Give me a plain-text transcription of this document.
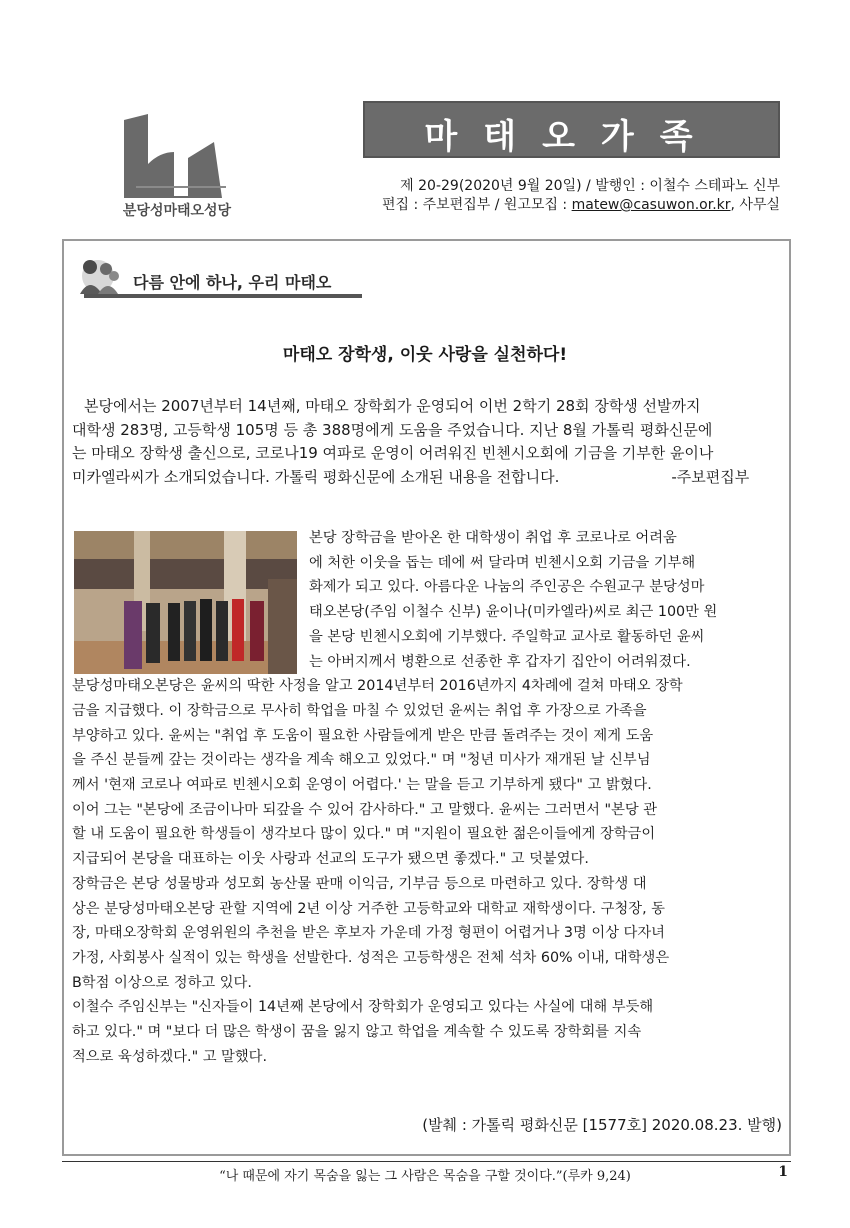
분당성마태오성당
마태오가족
제 20-29(2020년 9월 20일) / 발행인 : 이철수 스테파노 신부
편집 : 주보편집부 / 원고모집 : matew@casuwon.or.kr, 사무실
다름 안에 하나, 우리 마태오
마태오 장학생, 이웃 사랑을 실천하다!

본당에서는 2007년부터 14년째, 마태오 장학회가 운영되어 이번 2학기 28회 장학생 선발까지

대학생 283명, 고등학생 105명 등 총 388명에게 도움을 주었습니다. 지난 8월 가톨릭 평화신문에

는 마태오 장학생 출신으로, 코로나19 여파로 운영이 어려워진 빈첸시오회에 기금을 기부한 윤이나

미카엘라씨가 소개되었습니다. 가톨릭 평화신문에 소개된 내용을 전합니다.	-주보편집부

본당 장학금을 받아온 한 대학생이 취업 후 코로나로 어려움

에 처한 이웃을 돕는 데에 써 달라며 빈첸시오회 기금을 기부해

화제가 되고 있다. 아름다운 나눔의 주인공은 수원교구 분당성마

태오본당(주임 이철수 신부) 윤이나(미카엘라)씨로 최근 100만 원

을 본당 빈첸시오회에 기부했다. 주일학교 교사로 활동하던 윤씨

는 아버지께서 병환으로 선종한 후 갑자기 집안이 어려워졌다.

분당성마태오본당은 윤씨의 딱한 사정을 알고 2014년부터 2016년까지 4차례에 걸쳐 마태오 장학

금을 지급했다. 이 장학금으로 무사히 학업을 마칠 수 있었던 윤씨는 취업 후 가장으로 가족을

부양하고 있다. 윤씨는 "취업 후 도움이 필요한 사람들에게 받은 만큼 돌려주는 것이 제게 도움

을 주신 분들께 갚는 것이라는 생각을 계속 해오고 있었다." 며 "청년 미사가 재개된 날 신부님

께서 '현재 코로나 여파로 빈첸시오회 운영이 어렵다.' 는 말을 듣고 기부하게 됐다" 고 밝혔다.

이어 그는 "본당에 조금이나마 되갚을 수 있어 감사하다." 고 말했다. 윤씨는 그러면서 "본당 관

할 내 도움이 필요한 학생들이 생각보다 많이 있다." 며 "지원이 필요한 젊은이들에게 장학금이

지급되어 본당을 대표하는 이웃 사랑과 선교의 도구가 됐으면 좋겠다." 고 덧붙였다.

장학금은 본당 성물방과 성모회 농산물 판매 이익금, 기부금 등으로 마련하고 있다. 장학생 대

상은 분당성마태오본당 관할 지역에 2년 이상 거주한 고등학교와 대학교 재학생이다. 구청장, 동

장, 마태오장학회 운영위원의 추천을 받은 후보자 가운데 가정 형편이 어렵거나 3명 이상 다자녀

가정, 사회봉사 실적이 있는 학생을 선발한다. 성적은 고등학생은 전체 석차 60% 이내, 대학생은

B학점 이상으로 정하고 있다.

이철수 주임신부는 "신자들이 14년째 본당에서 장학회가 운영되고 있다는 사실에 대해 부듯해

하고 있다." 며 "보다 더 많은 학생이 꿈을 잃지 않고 학업을 계속할 수 있도록 장학회를 지속

적으로 육성하겠다." 고 말했다.

(발췌 : 가톨릭 평화신문 [1577호] 2020.08.23. 발행)
“나 때문에 자기 목숨을 잃는 그 사람은 목숨을 구할 것이다.”(루카 9,24)	1
